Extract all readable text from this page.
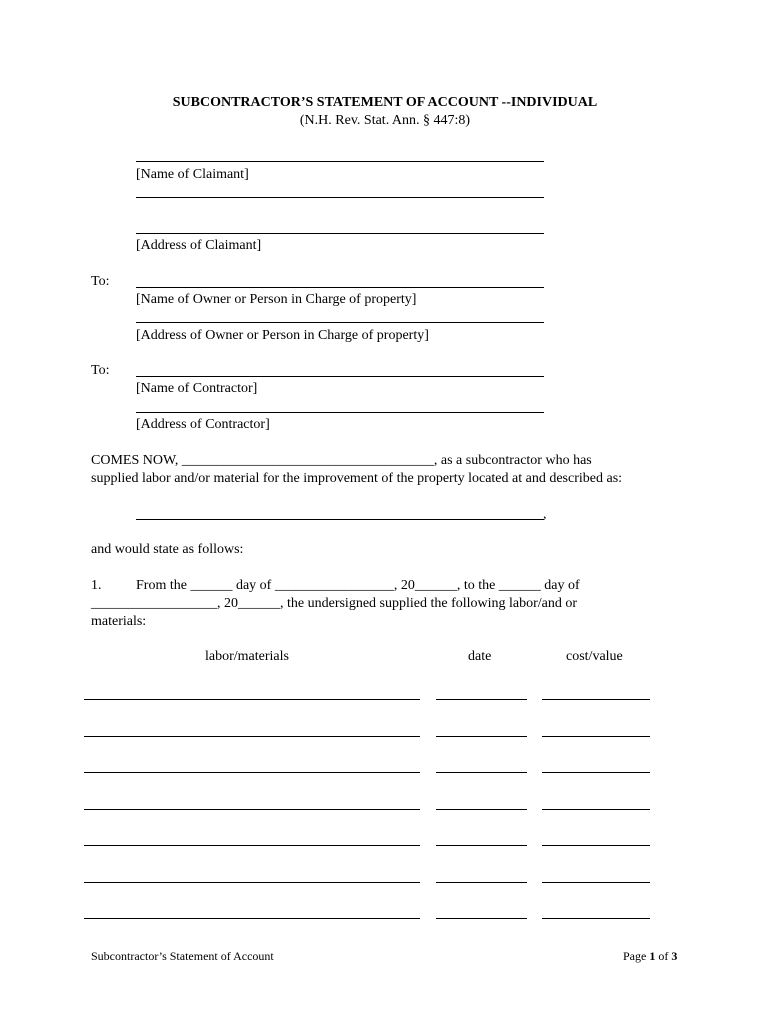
SUBCONTRACTOR’S STATEMENT OF ACCOUNT --INDIVIDUAL
(N.H. Rev. Stat. Ann. § 447:8)
[Name of Claimant]
[Address of Claimant]
To:
[Name of Owner or Person in Charge of property]
[Address of Owner or Person in Charge of property]
To:
[Name of Contractor]
[Address of Contractor]
COMES NOW, ____________________________________, as a subcontractor who has
supplied labor and/or material for the improvement of the property located at and described as:
,
and would state as follows:
1. From the ______ day of _________________, 20______, to the ______ day of
__________________, 20______, the undersigned supplied the following labor/and or
materials:
labor/materials	date	cost/value
Subcontractor’s Statement of Account	Page 1 of 3
